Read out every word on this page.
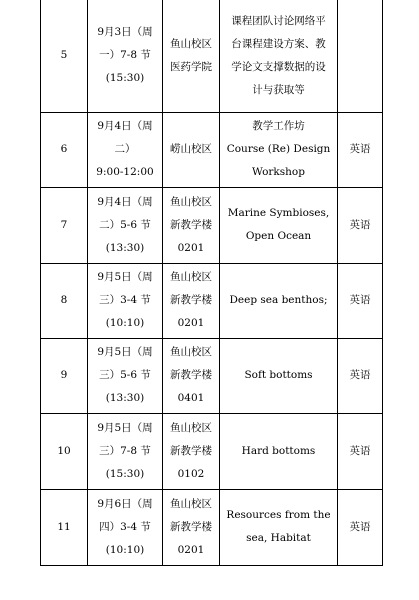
5	9月3日（周
一）7-8 节
(15:30)	鱼山校区
医药学院	课程团队讨论网络平
台课程建设方案、教
学论文支撑数据的设
计与获取等	

6	9月4日（周
二）
9:00-12:00	崂山校区	教学工作坊
Course (Re) Design
Workshop	英语
7	9月4日（周
二）5-6 节
(13:30)	鱼山校区
新教学楼
0201	Marine Symbioses,
Open Ocean	英语
8	9月5日（周
三）3-4 节
(10:10)	鱼山校区
新教学楼
0201	Deep sea benthos;	英语
9	9月5日（周
三）5-6 节
(13:30)	鱼山校区
新教学楼
0401	Soft bottoms	英语
10	9月5日（周
三）7-8 节
(15:30)	鱼山校区
新教学楼
0102	Hard bottoms	英语
11	9月6日（周
四）3-4 节
(10:10)	鱼山校区
新教学楼
0201	Resources from the
sea, Habitat	英语
